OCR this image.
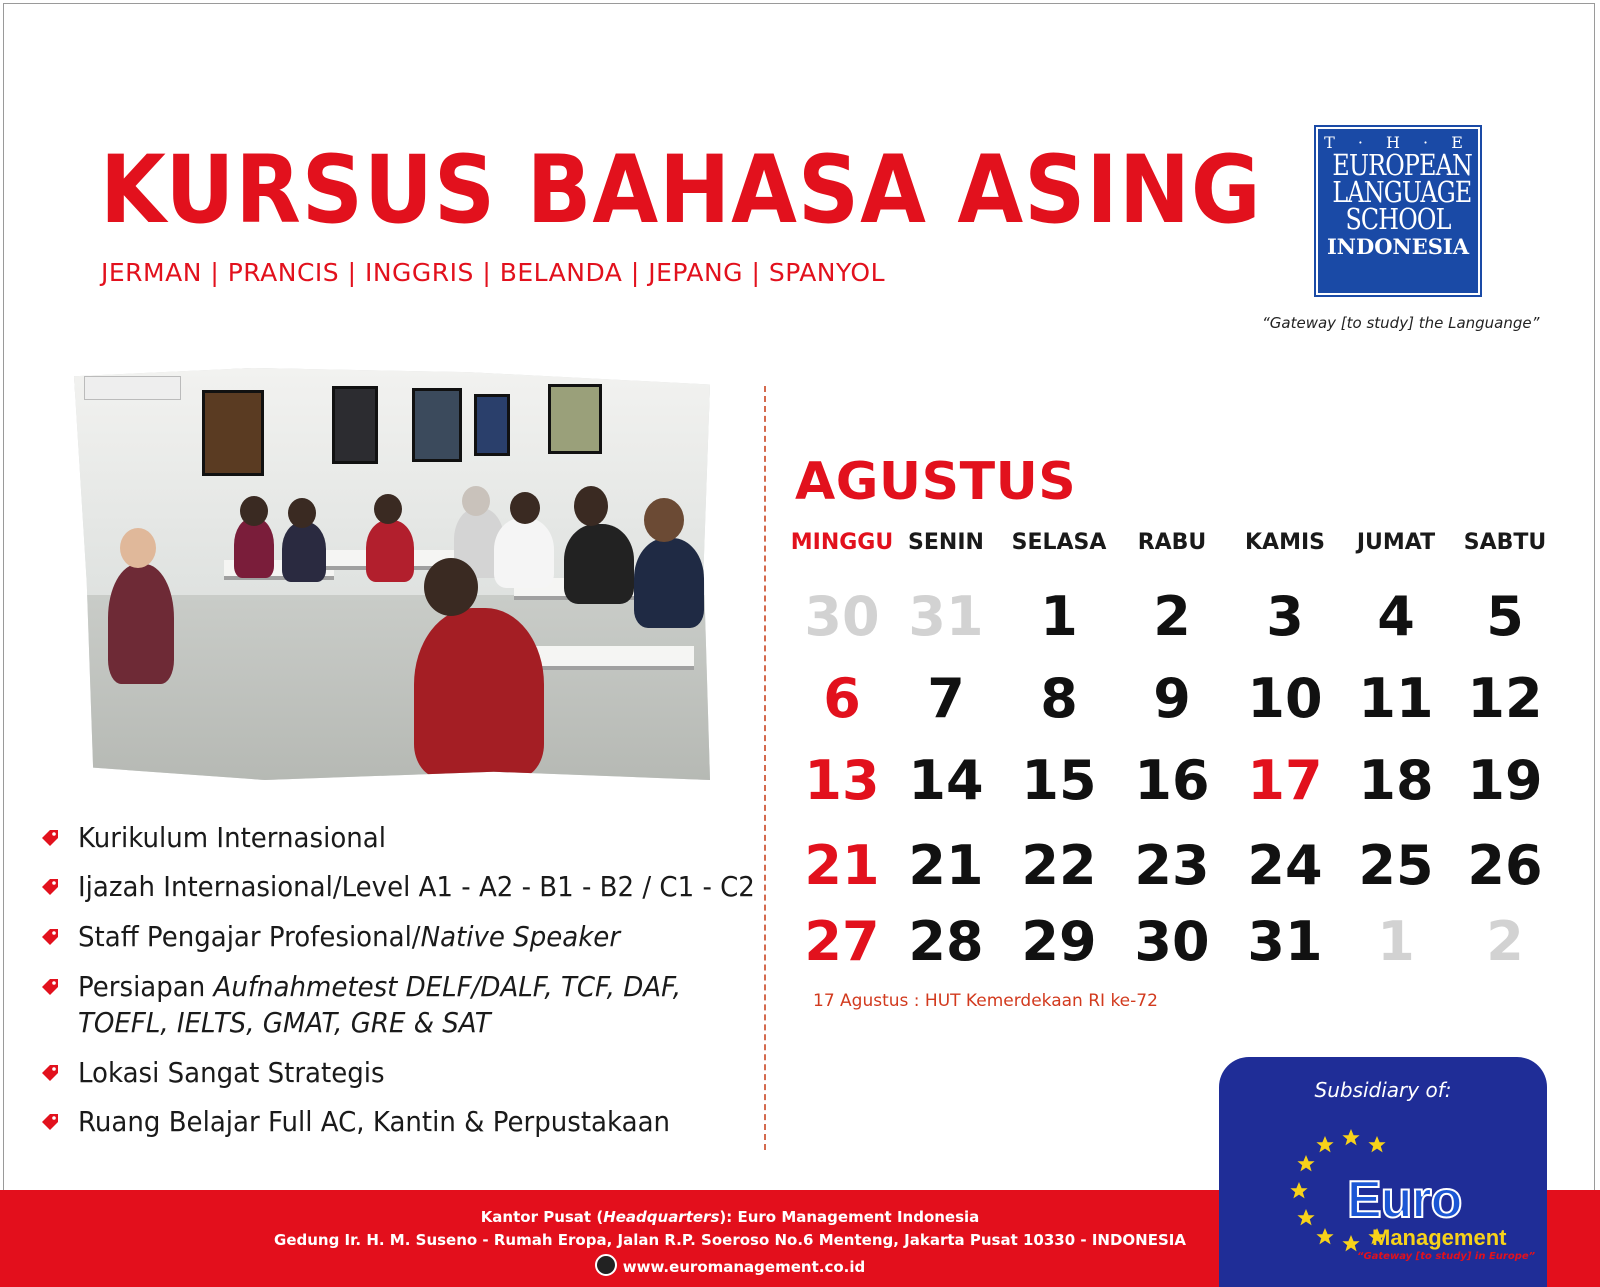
KURSUS BAHASA ASING
JERMAN | PRANCIS | INGGRIS | BELANDA | JEPANG | SPANYOL
T · H · E
EUROPEAN
LANGUAGE
SCHOOL
INDONESIA
“Gateway [to study] the Languange”
Kurikulum Internasional
Ijazah Internasional/Level A1 - A2 - B1 - B2 / C1 - C2
Staff Pengajar Profesional/Native Speaker
Persiapan Aufnahmetest DELF/DALF, TCF, DAF,
TOEFL, IELTS, GMAT, GRE & SAT
Lokasi Sangat Strategis
Ruang Belajar Full AC, Kantin & Perpustakaan
AGUSTUS
MINGGU SENIN	SELASA	RABU	KAMIS	JUMAT	SABTU
30 31	1	2	3	4	5
6	7	8	9	10 11 12
13 14 15 16 17 18 19
21 21 22 23 24 25 26
27 28 29 30 31	1	2
17 Agustus : HUT Kemerdekaan RI ke-72
Kantor Pusat (Headquarters): Euro Management Indonesia
Gedung Ir. H. M. Suseno - Rumah Eropa, Jalan R.P. Soeroso No.6 Menteng, Jakarta Pusat 10330 - INDONESIA
www.euromanagement.co.id
Subsidiary of:
Euro
Management
“Gateway [to study] in Europe”
